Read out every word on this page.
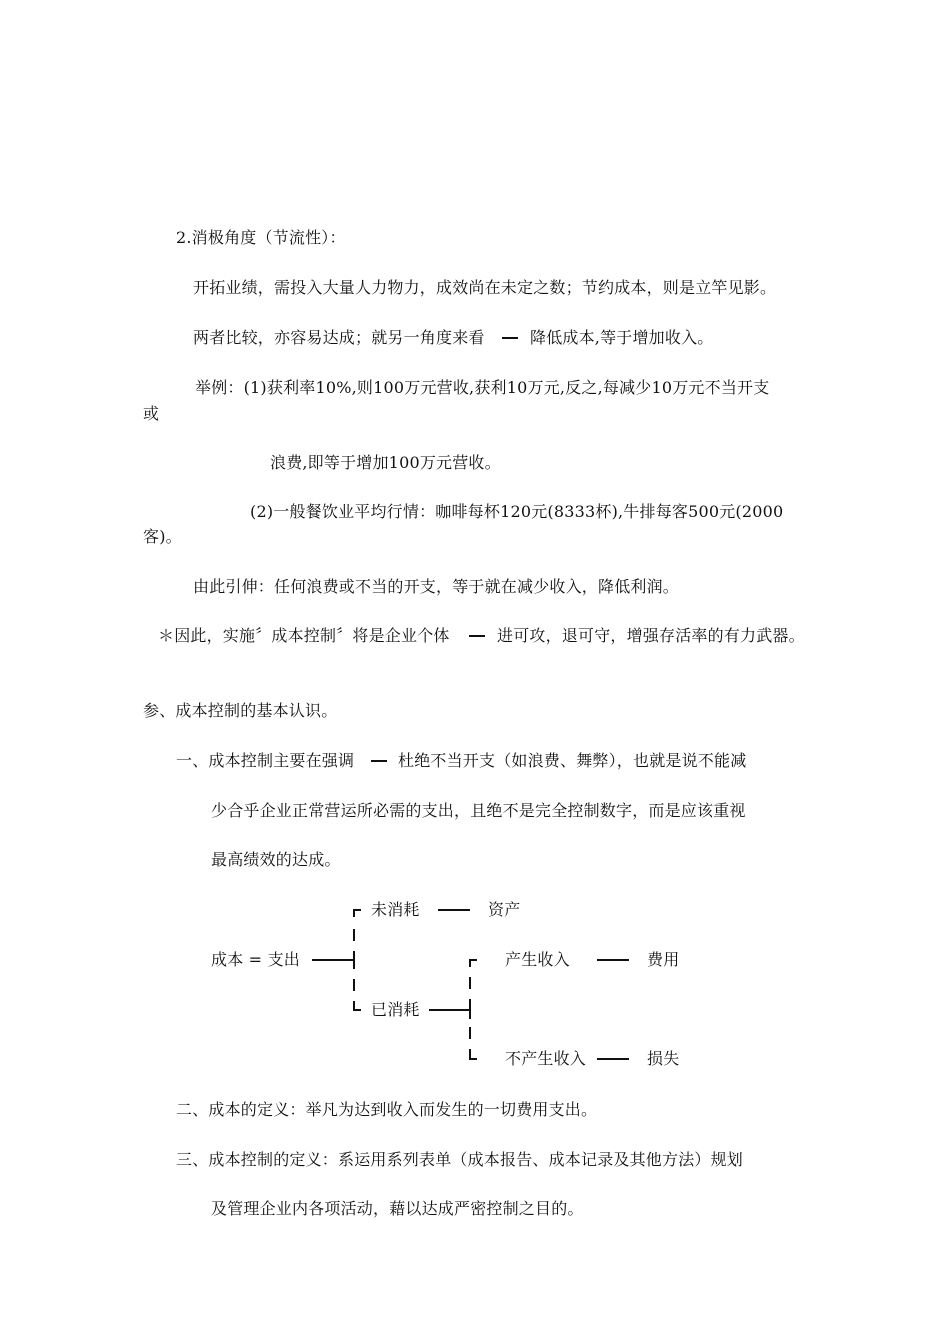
2.消极角度（节流性）：
开拓业绩，需投入大量人力物力，成效尚在未定之数；节约成本，则是立竿见影。
两者比较，亦容易达成；就另一角度来看	降低成本,等于增加收入。
举例：(1)获利率10%,则100万元营收,获利10万元,反之,每减少10万元不当开支
或
浪费,即等于增加100万元营收。
(2)一般餐饮业平均行情：咖啡每杯120元(8333杯),牛排每客500元(2000
客)。
由此引伸：任何浪费或不当的开支，等于就在减少收入，降低利润。
＊因此，实施〞成本控制〞将是企业个体	进可攻，退可守，增强存活率的有力武器。
参、成本控制的基本认识。
一、成本控制主要在强调	杜绝不当开支（如浪费、舞弊），也就是说不能减
少合乎企业正常营运所必需的支出，且绝不是完全控制数字，而是应该重视
最高绩效的达成。
成本 = 支出
未消耗	资产
已消耗
产生收入	费用
不产生收入	损失
二、成本的定义：举凡为达到收入而发生的一切费用支出。
三、成本控制的定义：系运用系列表单（成本报告、成本记录及其他方法）规划
及管理企业内各项活动，藉以达成严密控制之目的。
